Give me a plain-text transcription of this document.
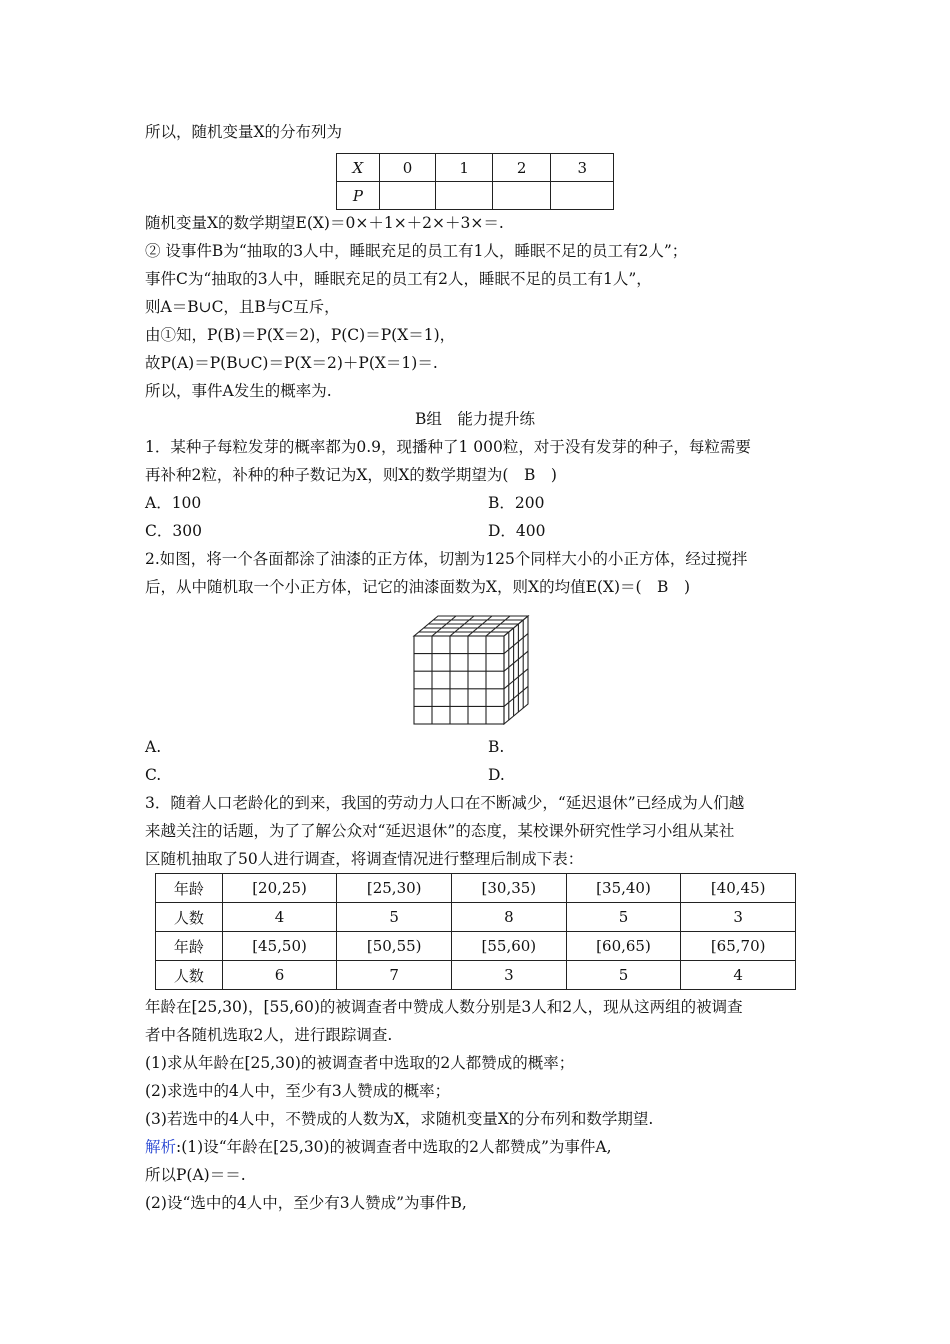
所以，随机变量X的分布列为
X	0	1	2	3
P				
随机变量X的数学期望E(X)＝0×＋1×＋2×＋3×＝.
② 设事件B为“抽取的3人中，睡眠充足的员工有1人，睡眠不足的员工有2人”；
事件C为“抽取的3人中，睡眠充足的员工有2人，睡眠不足的员工有1人”，
则A＝B∪C，且B与C互斥，
由①知，P(B)＝P(X＝2)，P(C)＝P(X＝1)，
故P(A)＝P(B∪C)＝P(X＝2)＋P(X＝1)＝.
所以，事件A发生的概率为.
B组　能力提升练
1．某种子每粒发芽的概率都为0.9，现播种了1 000粒，对于没有发芽的种子，每粒需要
再补种2粒，补种的种子数记为X，则X的数学期望为(　B　)
A．100	B．200
C．300	D．400
2.如图，将一个各面都涂了油漆的正方体，切割为125个同样大小的小正方体，经过搅拌
后，从中随机取一个小正方体，记它的油漆面数为X，则X的均值E(X)＝(　B　)
A.	B.
C.	D.
3．随着人口老龄化的到来，我国的劳动力人口在不断减少，“延迟退休”已经成为人们越
来越关注的话题，为了了解公众对“延迟退休”的态度，某校课外研究性学习小组从某社
区随机抽取了50人进行调查，将调查情况进行整理后制成下表：
年龄	[20,25)	[25,30)	[30,35)	[35,40)	[40,45)
人数	4	5	8	5	3
年龄	[45,50)	[50,55)	[55,60)	[60,65)	[65,70)
人数	6	7	3	5	4
年龄在[25,30)，[55,60)的被调查者中赞成人数分别是3人和2人，现从这两组的被调查
者中各随机选取2人，进行跟踪调查.
(1)求从年龄在[25,30)的被调查者中选取的2人都赞成的概率；
(2)求选中的4人中，至少有3人赞成的概率；
(3)若选中的4人中，不赞成的人数为X，求随机变量X的分布列和数学期望.
解析:(1)设“年龄在[25,30)的被调查者中选取的2人都赞成”为事件A,
所以P(A)＝＝.
(2)设“选中的4人中，至少有3人赞成”为事件B,
